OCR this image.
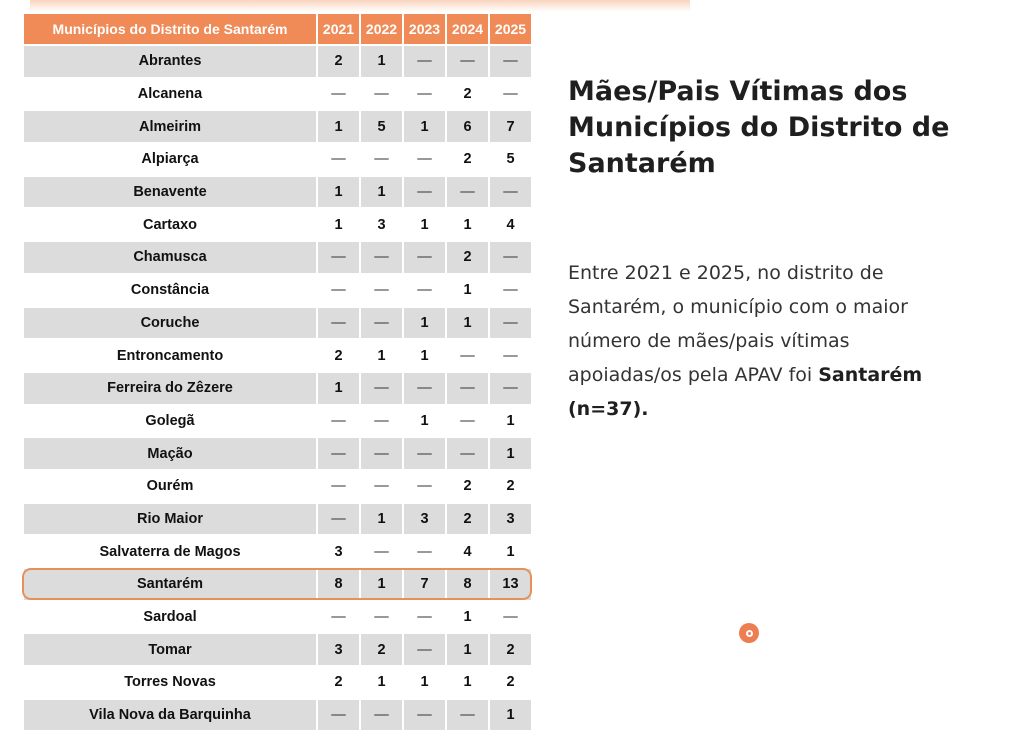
Municípios do Distrito de Santarém	2021	2022	2023	2024	2025
Abrantes	2	1	—	—	—
Alcanena	—	—	—	2	—
Almeirim	1	5	1	6	7
Alpiarça	—	—	—	2	5
Benavente	1	1	—	—	—
Cartaxo	1	3	1	1	4
Chamusca	—	—	—	2	—
Constância	—	—	—	1	—
Coruche	—	—	1	1	—
Entroncamento	2	1	1	—	—
Ferreira do Zêzere	1	—	—	—	—
Golegã	—	—	1	—	1
Mação	—	—	—	—	1
Ourém	—	—	—	2	2
Rio Maior	—	1	3	2	3
Salvaterra de Magos	3	—	—	4	1
Santarém	8	1	7	8	13
Sardoal	—	—	—	1	—
Tomar	3	2	—	1	2
Torres Novas	2	1	1	1	2
Vila Nova da Barquinha	—	—	—	—	1
Mães/Pais Vítimas dos Municípios do Distrito de Santarém
Entre 2021 e 2025, no distrito de Santarém, o município com o maior número de mães/pais vítimas apoiadas/os pela APAV foi Santarém (n=37).
